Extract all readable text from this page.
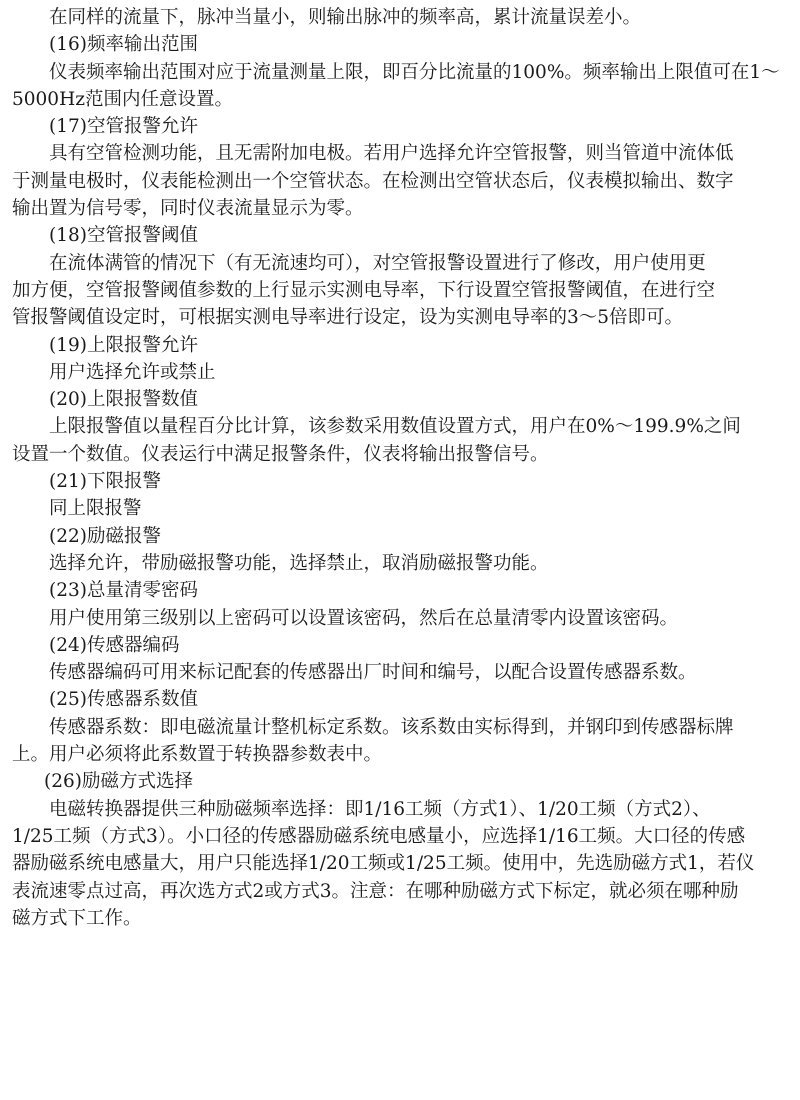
在同样的流量下，脉冲当量小，则输出脉冲的频率高，累计流量误差小。
(16)频率输出范围
仪表频率输出范围对应于流量测量上限，即百分比流量的100%。频率输出上限值可在1～
5000Hz范围内任意设置。
(17)空管报警允许
具有空管检测功能，且无需附加电极。若用户选择允许空管报警，则当管道中流体低
于测量电极时，仪表能检测出一个空管状态。在检测出空管状态后，仪表模拟输出、数字
输出置为信号零，同时仪表流量显示为零。
(18)空管报警阈值
在流体满管的情况下（有无流速均可），对空管报警设置进行了修改，用户使用更
加方便，空管报警阈值参数的上行显示实测电导率，下行设置空管报警阈值，在进行空
管报警阈值设定时，可根据实测电导率进行设定，设为实测电导率的3～5倍即可。
(19)上限报警允许
用户选择允许或禁止
(20)上限报警数值
上限报警值以量程百分比计算，该参数采用数值设置方式，用户在0%～199.9%之间
设置一个数值。仪表运行中满足报警条件，仪表将输出报警信号。
(21)下限报警
同上限报警
(22)励磁报警
选择允许，带励磁报警功能，选择禁止，取消励磁报警功能。
(23)总量清零密码
用户使用第三级别以上密码可以设置该密码，然后在总量清零内设置该密码。
(24)传感器编码
传感器编码可用来标记配套的传感器出厂时间和编号，以配合设置传感器系数。
(25)传感器系数值
传感器系数：即电磁流量计整机标定系数。该系数由实标得到，并钢印到传感器标牌
上。用户必须将此系数置于转换器参数表中。
(26)励磁方式选择
电磁转换器提供三种励磁频率选择：即1/16工频（方式1）、1/20工频（方式2）、
1/25工频（方式3）。小口径的传感器励磁系统电感量小，应选择1/16工频。大口径的传感
器励磁系统电感量大，用户只能选择1/20工频或1/25工频。使用中，先选励磁方式1，若仪
表流速零点过高，再次选方式2或方式3。注意：在哪种励磁方式下标定，就必须在哪种励
磁方式下工作。
